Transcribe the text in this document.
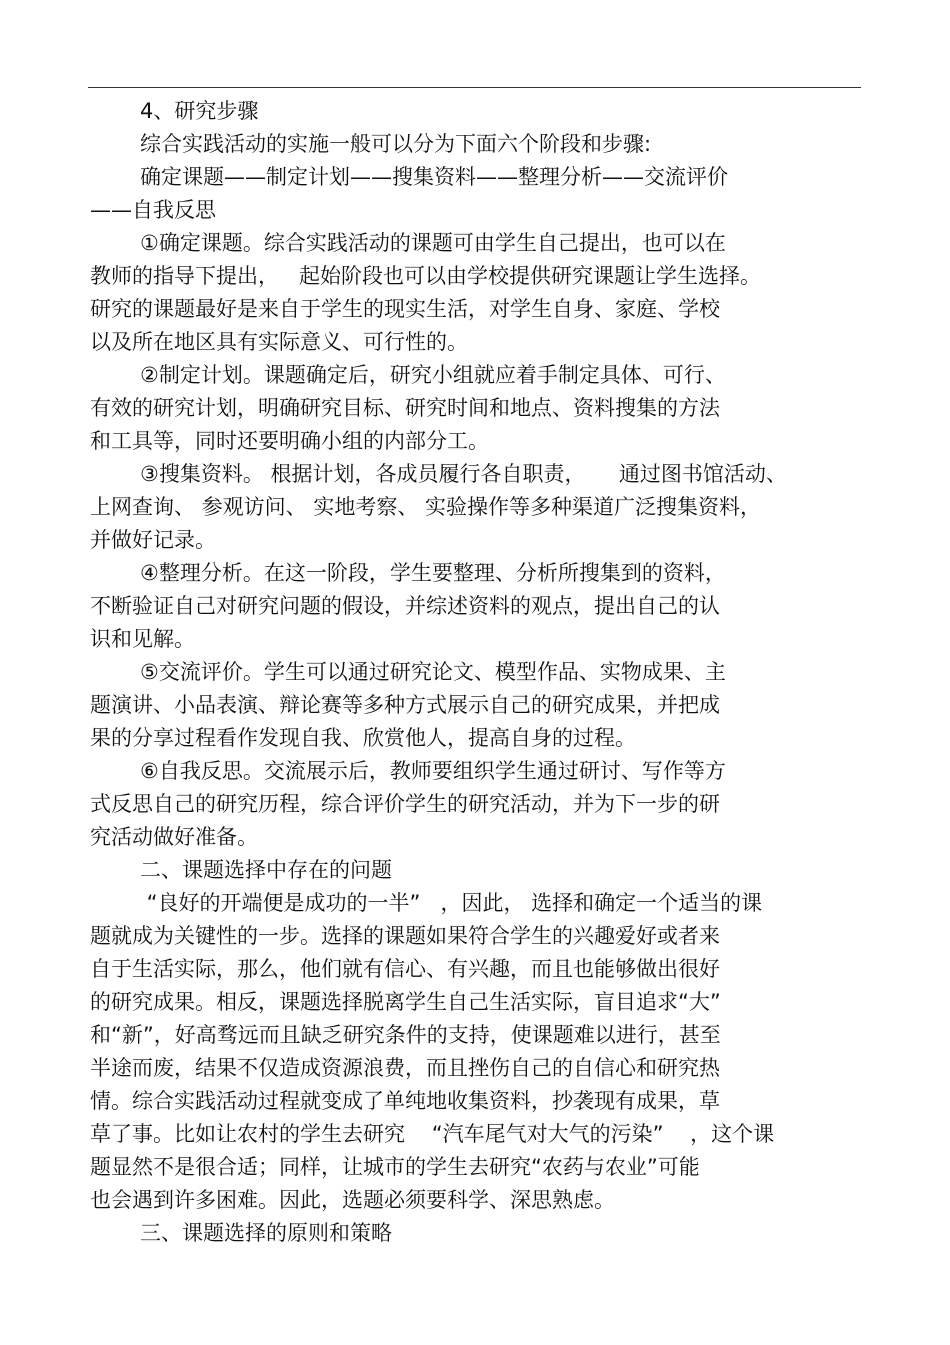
4、研究步骤
综合实践活动的实施一般可以分为下面六个阶段和步骤:
确定课题——制定计划——搜集资料——整理分析——交流评价
——自我反思
①确定课题。综合实践活动的课题可由学生自己提出，也可以在
教师的指导下提出，   起始阶段也可以由学校提供研究课题让学生选择。
研究的课题最好是来自于学生的现实生活，对学生自身、家庭、学校
以及所在地区具有实际意义、可行性的。
②制定计划。课题确定后，研究小组就应着手制定具体、可行、
有效的研究计划，明确研究目标、研究时间和地点、资料搜集的方法
和工具等，同时还要明确小组的内部分工。
③搜集资料。 根据计划，各成员履行各自职责，     通过图书馆活动、
上网查询、 参观访问、 实地考察、 实验操作等多种渠道广泛搜集资料，
并做好记录。
④整理分析。在这一阶段，学生要整理、分析所搜集到的资料，
不断验证自己对研究问题的假设，并综述资料的观点，提出自己的认
识和见解。
⑤交流评价。学生可以通过研究论文、模型作品、实物成果、主
题演讲、小品表演、辩论赛等多种方式展示自己的研究成果，并把成
果的分享过程看作发现自我、欣赏他人，提高自身的过程。
⑥自我反思。交流展示后，教师要组织学生通过研讨、写作等方
式反思自己的研究历程，综合评价学生的研究活动，并为下一步的研
究活动做好准备。
二、课题选择中存在的问题
“良好的开端便是成功的一半”   ，因此， 选择和确定一个适当的课
题就成为关键性的一步。选择的课题如果符合学生的兴趣爱好或者来
自于生活实际，那么，他们就有信心、有兴趣，而且也能够做出很好
的研究成果。相反，课题选择脱离学生自己生活实际，盲目追求“大”
和“新”，好高骛远而且缺乏研究条件的支持，使课题难以进行，甚至
半途而废，结果不仅造成资源浪费，而且挫伤自己的自信心和研究热
情。综合实践活动过程就变成了单纯地收集资料，抄袭现有成果，草
草了事。比如让农村的学生去研究    “汽车尾气对大气的污染”    ，这个课
题显然不是很合适；同样，让城市的学生去研究“农药与农业”可能
也会遇到许多困难。因此，选题必须要科学、深思熟虑。
三、课题选择的原则和策略
